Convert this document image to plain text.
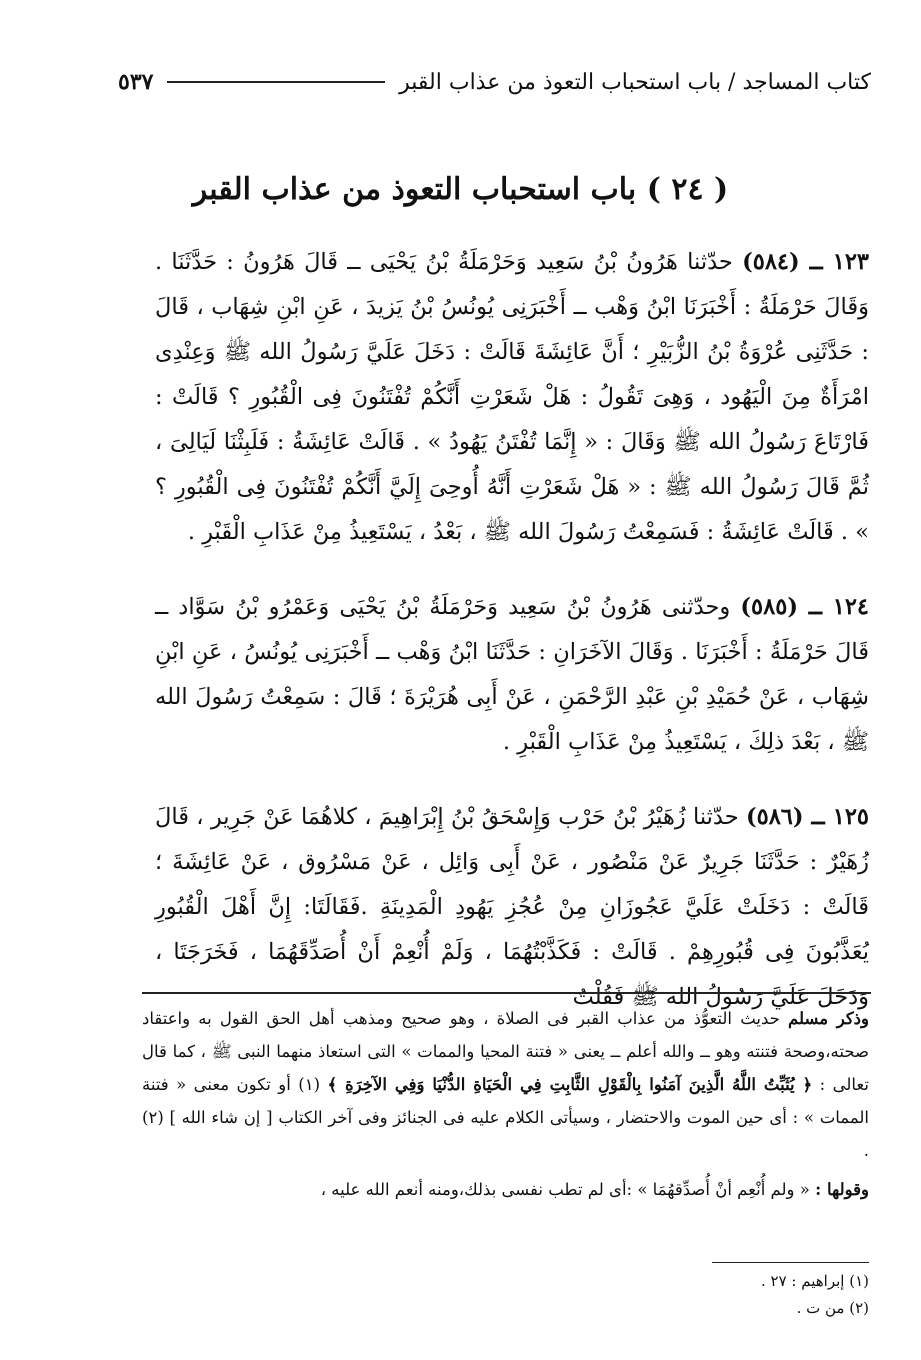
كتاب المساجد / باب استحباب التعوذ من عذاب القبر
٥٣٧
( ٢٤ ) باب استحباب التعوذ من عذاب القبر

١٢٣ ــ (٥٨٤) حدّثنا هَرُونُ بْنُ سَعِيد وَحَرْمَلَةُ بْنُ يَحْيَى ــ قَالَ هَرُونُ : حَدَّثَنَا . وَقَالَ حَرْمَلَةُ : أَخْبَرَنَا ابْنُ وَهْب ــ أَخْبَرَنِى يُونُسُ بْنُ يَزيدَ ، عَنِ ابْنِ شِهَاب ، قَالَ : حَدَّثَنِى عُرْوَةُ بْنُ الزُّبَيْرِ ؛ أَنَّ عَائِشَةَ قَالَتْ : دَخَلَ عَلَيَّ رَسُولُ الله ﷺ وَعِنْدِى امْرَأَةٌ مِنَ الْيَهُود ، وَهِىَ تَقُولُ : هَلْ شَعَرْتِ أَنَّكُمْ تُفْتَنُونَ فِى الْقُبُورِ ؟ قَالَتْ : فَارْتَاعَ رَسُولُ الله ﷺ وَقَالَ : « إِنَّمَا تُفْتَنُ يَهُودُ » . قَالَتْ عَائِشَةُ : فَلَبِثْنَا لَيَالِىَ ، ثُمَّ قَالَ رَسُولُ الله ﷺ : « هَلْ شَعَرْتِ أَنَّهُ أُوحِىَ إِلَيَّ أَنَّكُمْ تُفْتَنُونَ فِى الْقُبُورِ ؟ » . قَالَتْ عَائِشَةُ : فَسَمِعْتُ رَسُولَ الله ﷺ ، بَعْدُ ، يَسْتَعِيذُ مِنْ عَذَابِ الْقَبْرِ .

١٢٤ ــ (٥٨٥) وحدّثنى هَرُونُ بْنُ سَعِيد وَحَرْمَلَةُ بْنُ يَحْيَى وَعَمْرُو بْنُ سَوَّاد ــ قَالَ حَرْمَلَةُ : أَخْبَرَنَا . وَقَالَ الآخَرَانِ : حَدَّثَنَا ابْنُ وَهْب ــ أَخْبَرَنِى يُونُسُ ، عَنِ ابْنِ شِهَاب ، عَنْ حُمَيْدِ بْنِ عَبْدِ الرَّحْمَنِ ، عَنْ أَبِى هُرَيْرَةَ ؛ قَالَ : سَمِعْتُ رَسُولَ الله ﷺ ، بَعْدَ ذلِكَ ، يَسْتَعِيذُ مِنْ عَذَابِ الْقَبْرِ .

١٢٥ ــ (٥٨٦) حدّثنا زُهَيْرُ بْنُ حَرْب وَإِسْحَقُ بْنُ إِبْرَاهِيمَ ، كلاهُمَا عَنْ جَرِير ، قَالَ زُهَيْرٌ : حَدَّثَنَا جَرِيرٌ عَنْ مَنْصُور ، عَنْ أَبِى وَائِل ، عَنْ مَسْرُوق ، عَنْ عَائِشَةَ ؛ قَالَتْ : دَخَلَتْ عَلَيَّ عَجُوزَانِ مِنْ عُجُزِ يَهُودِ الْمَدِينَةِ .فَقَالَتَا: إِنَّ أَهْلَ الْقُبُورِ يُعَذَّبُونَ فِى قُبُورِهِمْ . قَالَتْ : فَكَذَّبْتُهُمَا ، وَلَمْ أُنْعِمْ أَنْ أُصَدِّقَهُمَا ، فَخَرَجَتَا ، وَدَخَلَ عَلَيَّ رَسُولُ الله ﷺ فَقُلْتُ

وذكر مسلم حديث التعوُّذ من عذاب القبر فى الصلاة ، وهو صحيح ومذهب أهل الحق القول به واعتقاد صحته،وصحة فتنته وهو ــ والله أعلم ــ يعنى « فتنة المحيا والممات » التى استعاذ منهما النبى ﷺ ، كما قال تعالى : ﴿ يُثَبِّتُ اللَّهُ الَّذِينَ آمَنُوا بِالْقَوْلِ الثَّابِتِ فِي الْحَيَاةِ الدُّنْيَا وَفِي الآخِرَةِ ﴾ (١) أو تكون معنى « فتنة الممات » : أى حين الموت والاحتضار ، وسيأتى الكلام عليه فى الجنائز وفى آخر الكتاب [ إن شاء الله ] (٢) .

وقولها : « ولم أُنْعِم أنْ أُصدِّقهُمَا » :أى لم تطب نفسى بذلك،ومنه أنعم الله عليه ،

(١) إبراهيم : ٢٧ .
(٢) من ت .
